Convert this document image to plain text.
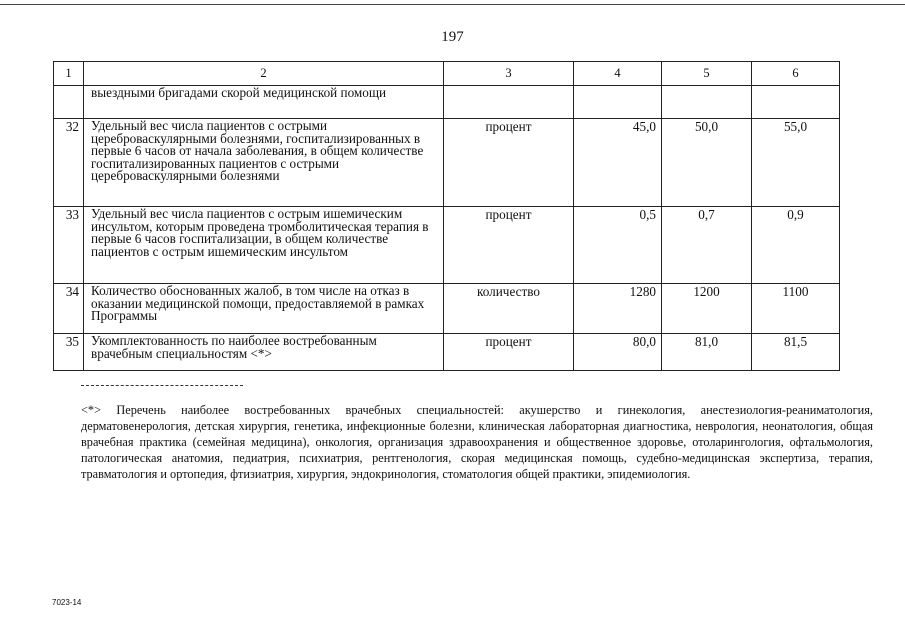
197
1	2	3	4	5	6
	выездными бригадами скорой медицинской помощи				
32	Удельный вес числа пациентов с острыми цереброваскулярными болезнями, госпитализированных в первые 6 часов от начала заболевания, в общем количестве госпитализированных пациентов с острыми цереброваскулярными болезнями	процент	45,0	50,0	55,0
33	Удельный вес числа пациентов с острым ишемическим инсультом, которым проведена тромболитическая терапия в первые 6 часов госпитализации, в общем количестве пациентов с острым ишемическим инсультом	процент	0,5	0,7	0,9
34	Количество обоснованных жалоб, в том числе на отказ в оказании медицинской помощи, предоставляемой в рамках Программы	количество	1280	1200	1100
35	Укомплектованность по наиболее востребованным врачебным специальностям <*>	процент	80,0	81,0	81,5
<*> Перечень наиболее востребованных врачебных специальностей: акушерство и гинекология, анестезиология-реаниматология, дерматовенерология, детская хирургия, генетика, инфекционные болезни, клиническая лабораторная диагностика, неврология, неонатология, общая врачебная практика (семейная медицина), онкология, организация здравоохранения и общественное здоровье, отоларингология, офтальмология, патологическая анатомия, педиатрия, психиатрия, рентгенология, скорая медицинская помощь, судебно-медицинская экспертиза, терапия, травматология и ортопедия, фтизиатрия, хирургия, эндокринология, стоматология общей практики, эпидемиология.
7023-14
